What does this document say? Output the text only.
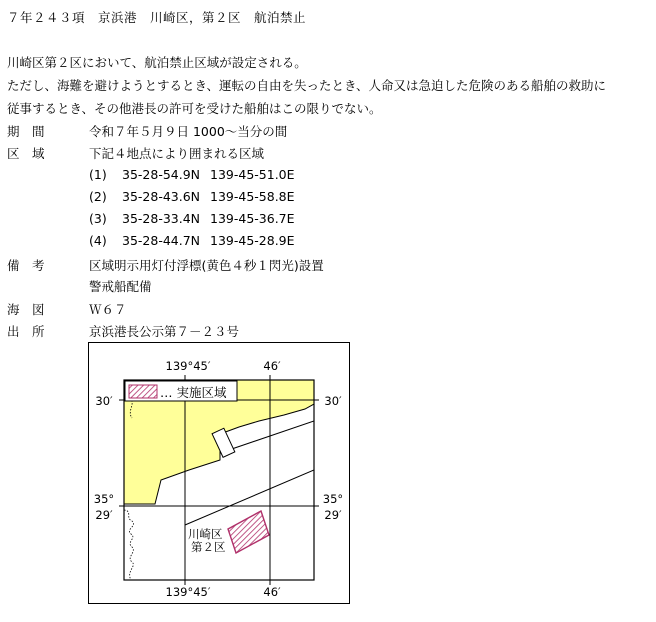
７年２４３項　京浜港　川崎区，第２区　航泊禁止
川崎区第２区において、航泊禁止区域が設定される。
ただし、海難を避けようとするとき、運転の自由を失ったとき、人命又は急迫した危険のある船舶の救助に
従事するとき、その他港長の許可を受けた船舶はこの限りでない。
期　間	令和７年５月９日 1000～当分の間
区　域	下記４地点により囲まれる区域
(1) 35-28-54.9N 139-45-51.0E
(2) 35-28-43.6N 139-45-58.8E
(3) 35-28-33.4N 139-45-36.7E
(4) 35-28-44.7N 139-45-28.9E
備　考	区域明示用灯付浮標(黄色４秒１閃光)設置
警戒船配備
海　図	Ｗ６７
出　所	京浜港長公示第７－２３号
… 実施区域
139°45′	46′
139°45′	46′
30′	30′
35°
29′
35°
29′
川崎区
第２区
